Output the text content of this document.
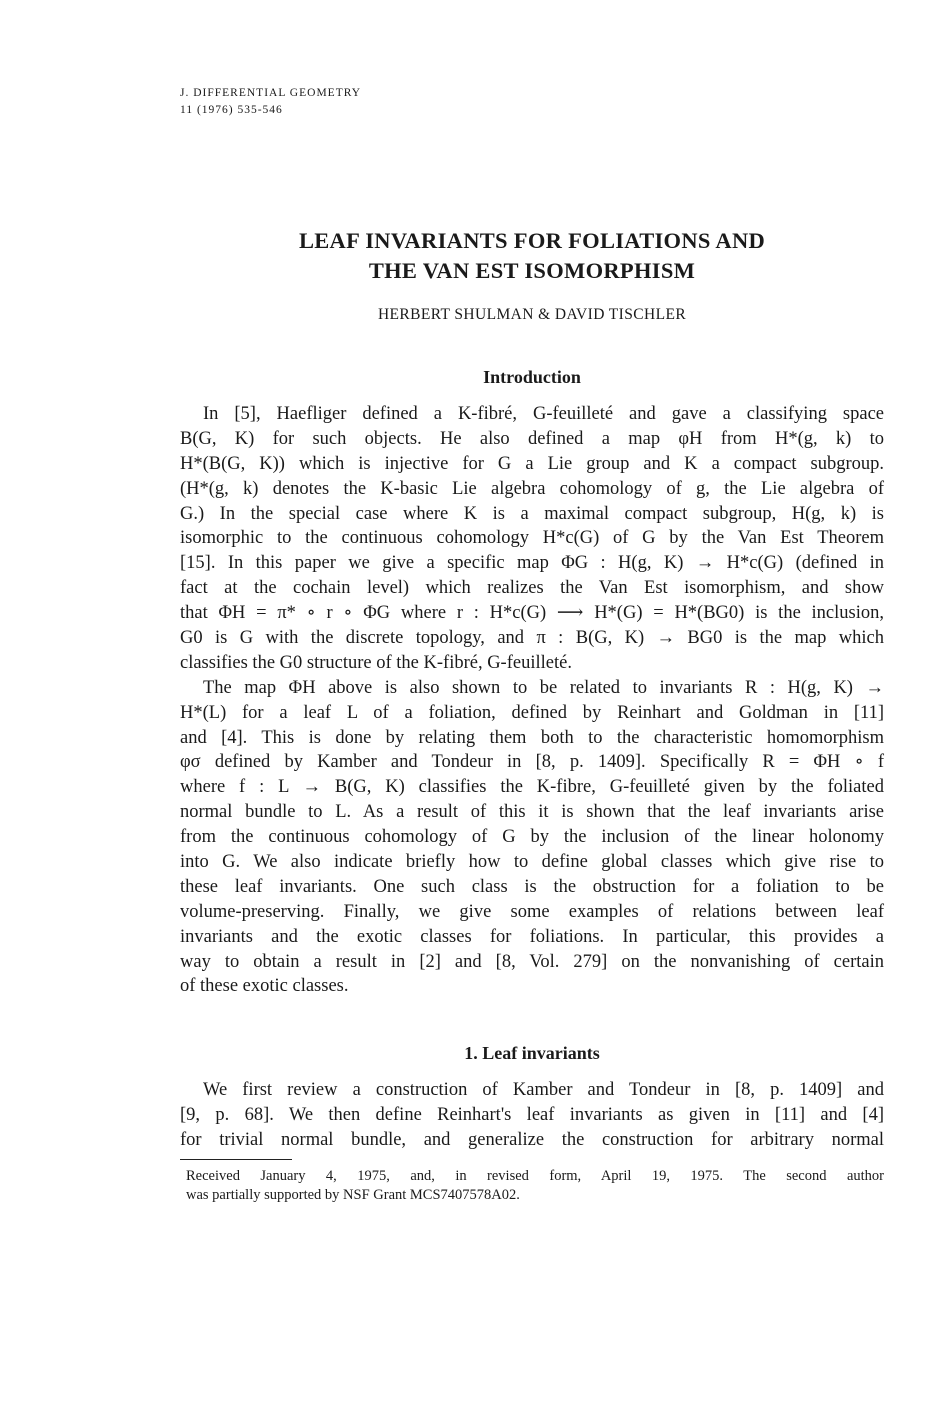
J. DIFFERENTIAL GEOMETRY
11 (1976) 535-546
LEAF INVARIANTS FOR FOLIATIONS AND
THE VAN EST ISOMORPHISM
HERBERT SHULMAN & DAVID TISCHLER
Introduction
In [5], Haefliger defined a K-fibré, G-feuilleté and gave a classifying space
B(G, K) for such objects. He also defined a map φH from H*(g, k) to
H*(B(G, K)) which is injective for G a Lie group and K a compact subgroup.
(H*(g, k) denotes the K-basic Lie algebra cohomology of g, the Lie algebra of
G.) In the special case where K is a maximal compact subgroup, H(g, k) is
isomorphic to the continuous cohomology H*c(G) of G by the Van Est Theorem
[15]. In this paper we give a specific map ΦG : H(g, K) → H*c(G) (defined in
fact at the cochain level) which realizes the Van Est isomorphism, and show
that ΦH = π* ∘ r ∘ ΦG where r : H*c(G) ⟶ H*(G) = H*(BG0) is the inclusion,
G0 is G with the discrete topology, and π : B(G, K) → BG0 is the map which
classifies the G0 structure of the K-fibré, G-feuilleté.
The map ΦH above is also shown to be related to invariants R : H(g, K) →
H*(L) for a leaf L of a foliation, defined by Reinhart and Goldman in [11]
and [4]. This is done by relating them both to the characteristic homomorphism
φσ defined by Kamber and Tondeur in [8, p. 1409]. Specifically R = ΦH ∘ f
where f : L → B(G, K) classifies the K-fibre, G-feuilleté given by the foliated
normal bundle to L. As a result of this it is shown that the leaf invariants arise
from the continuous cohomology of G by the inclusion of the linear holonomy
into G. We also indicate briefly how to define global classes which give rise to
these leaf invariants. One such class is the obstruction for a foliation to be
volume-preserving. Finally, we give some examples of relations between leaf
invariants and the exotic classes for foliations. In particular, this provides a
way to obtain a result in [2] and [8, Vol. 279] on the nonvanishing of certain
of these exotic classes.
1. Leaf invariants
We first review a construction of Kamber and Tondeur in [8, p. 1409] and
[9, p. 68]. We then define Reinhart's leaf invariants as given in [11] and [4]
for trivial normal bundle, and generalize the construction for arbitrary normal
Received January 4, 1975, and, in revised form, April 19, 1975. The second author
was partially supported by NSF Grant MCS7407578A02.
